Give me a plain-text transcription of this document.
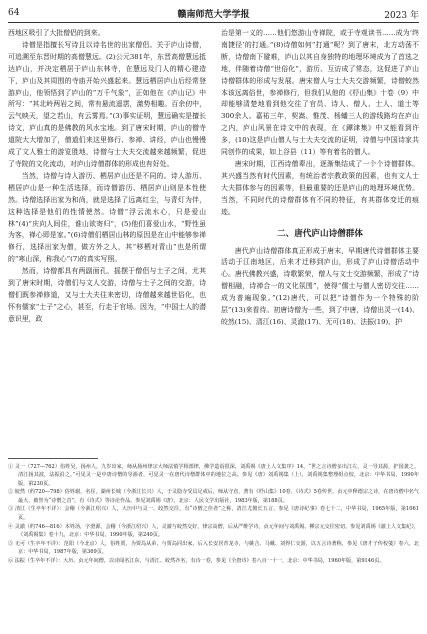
64	赣南师范大学学报	2023 年

西地区吸引了大批僧侣的到来。

诗僧是指擅长写诗且以诗名世的出家僧侣。关于庐山诗僧，可追溯至东晋时期的高僧慧远。(2)公元381年，东晋高僧慧远抵达庐山，并决定栖居于庐山东林寺，在慧远及门人的精心建造下，庐山及其周围的寺庙开始兴盛起来。慧远栖居庐山后经常登游庐山，他领悟到了庐山的“万千气象”，正如他在《庐山记》中所写：“其北岭两岩之间，常有悬流遥霑，激势相趣。百余仞中，云气映天，望之若山，有云雾焉。”(3)事实证明，慧远确实是擅长诗文，庐山真的是佛教的风水宝地。到了唐宋时期，庐山的僧寺道院大大增加了，僧道们来这里修行、参禅、讲经，庐山也慢慢成了文人雅士的游览胜地，诗僧与士大夫交流越来越频繁，促进了寺院的文化流动，对庐山诗僧群体的形成也有好处。

当然，诗僧与诗人游历、栖居庐山还是不同的。诗人游历、栖居庐山是一种生活选择，而诗僧游历、栖居庐山则是本性使然。诗僧选择出家为和尚，就是选择了远离红尘，与青灯为伴，这种选择是他们的性情使然。诗僧“浮云流水心，只是爱山林”(4)“庆向人间住，谁山欲寄归”，(5)他们喜爱山水，“野性虽为客，禅心即是家。”(6)诗僧们栖居山林的原因是在山中能够参禅修行，选择出家为僧，做方外之人，其“移栖对青山”也是所谓的“寒山深，称我心”(7)的真实写照。

然而，诗僧都具有两副面孔，摇摆于僧侣与士子之间，尤其到了唐宋时期，诗僧们与文人交游，诗僧与士子之间的交游，诗僧们既参禅修道，又与士大夫往来密切，诗僧越来越世俗化，也怀有儒家“士子”之心，甚至，行走于官场。因为，“中国士人的潜意识里，政

治是第一义的……他们悠游山寺禅院，或于寺观读书……成为‘终南捷径’的打通。”(8)诗僧如何“打通”呢？到了唐末，北方动荡不断，诗僧南下避难，庐山以其自身独特的地理环境成为了首选之地，伴随着诗僧“世俗化”，游历、互访成了常态，这促进了庐山诗僧群体的形成与发展。唐宋僧人与士大夫交游频繁，诗僧蛟然本该远离俗世，参禅修行，但我们从他的《杼山集》十卷（9）中却能够清楚地看到他交往了官员、诗人、僧人、士人、道士等300余人。嘉祐三年，契嵩、惟茂、杨蟠三人的游线路均在庐山之内，庐山风景在诗文中的表现，在《鐔津集》中又能看到许多，(10)这是庐山僧人与士大夫交流的证明，诗僧与中国诗家共同创作的成果，如上谷县（11）等有着名的僧人。

唐宋时期，江西诗僧辈出，逐渐集结成了一个个诗僧群体。其兴盛当然有时代因素，有统治者宗教政策的因素，也有文人士大夫群体参与的因素等，但最重要的还是庐山的地理环境优势。当然，不同时代的诗僧群体有不同的特征，有其群体变迁的痕迹。

二、唐代庐山诗僧群体

唐代庐山诗僧群体真正形成于唐末，早期唐代诗僧群体主要活动于江南地区，后来才迁移到庐山，形成了庐山诗僧活动中心。唐代佛教兴盛，诗歌繁荣，僧人与文士交游频繁，形成了“诗僧相融，诗禅合一的文化氛围”，使得“儒士与僧人密切交往……成为普遍现象。”(12)唐代，可以把“诗僧作为一个特殊的阶层”(13)来看待。初唐诗僧为一些，到了中唐，诗僧出灵一(14)、皎然(15)、清江(16)、灵澈(17)、无可(18)、法振(19)、护

① 灵一（727—762）俗姓吴，扬州人，九岁出家，师从扬州律宗大师法慎学相部律，佛学造诣很深，刘禹锡《唐上人文集序》14，“世之言诗僧多出江左，灵一导其源，护国袭之。清江扬其波，法振沿之。”可见灵一是中唐诗僧的导源者，可见灵一在唐代诗僧群体中的地位之高。参见《唐》刘禹锡集（上），刘禹锡集整理组点校，北京：中华书局，1990年版，第230页。

② 皎然（约720—798）俗姓谢，名昼，湖州长城（今浙江长兴）人，于灵隐寺受具足戒后，师从守直，著有《杼山集》10卷、《诗式》5卷传世，贞元中释德宗之诗，在唐诗僧中名气最大，被誉为“诗僧之首”，有《诗式》等诗论作品。参见刘禹锡《唐》，北京：人民文学出版社，1983年版，第188页。

③ 清江（生卒年不详）：会稽（今浙江绍兴）人，大历中与灵一、皎然交往，有“诗僧之佳者”之称，清江尤擅长五言，参见《唐诗纪事》卷七十二，中华书局，1965年版，第1061页。

④ 灵澈（约746—816）本姓汤，字澄源，会稽（今浙江绍兴）人，灵澈与皎然交好，律宗高僧，后从严维学诗，贞元年间与刘禹锡、柳宗元交往密切。参见刘禹锡《澈上人文集纪》，《刘禹锡集》卷十九，北京：中华书局，1990年版，第240页。

⑤ 无可（生卒年不详）：范阳（今北京）人，俗姓贾，为贾岛从弟，与贾岛同出家，后入长安居青龙寺，与姚合、马戴、刘得仁交游，以五言诗著称，参见《唐才子传校笺》卷六，北京：中华书局，1987年版，第369页。

⑥ 法振（生卒年不详）：大历、贞元年间僧，以诗闻名江东，与清江、皎然齐名，有诗一卷，参见《全唐诗》卷八百一十一，北京：中华书局，1960年版，第9146页。
